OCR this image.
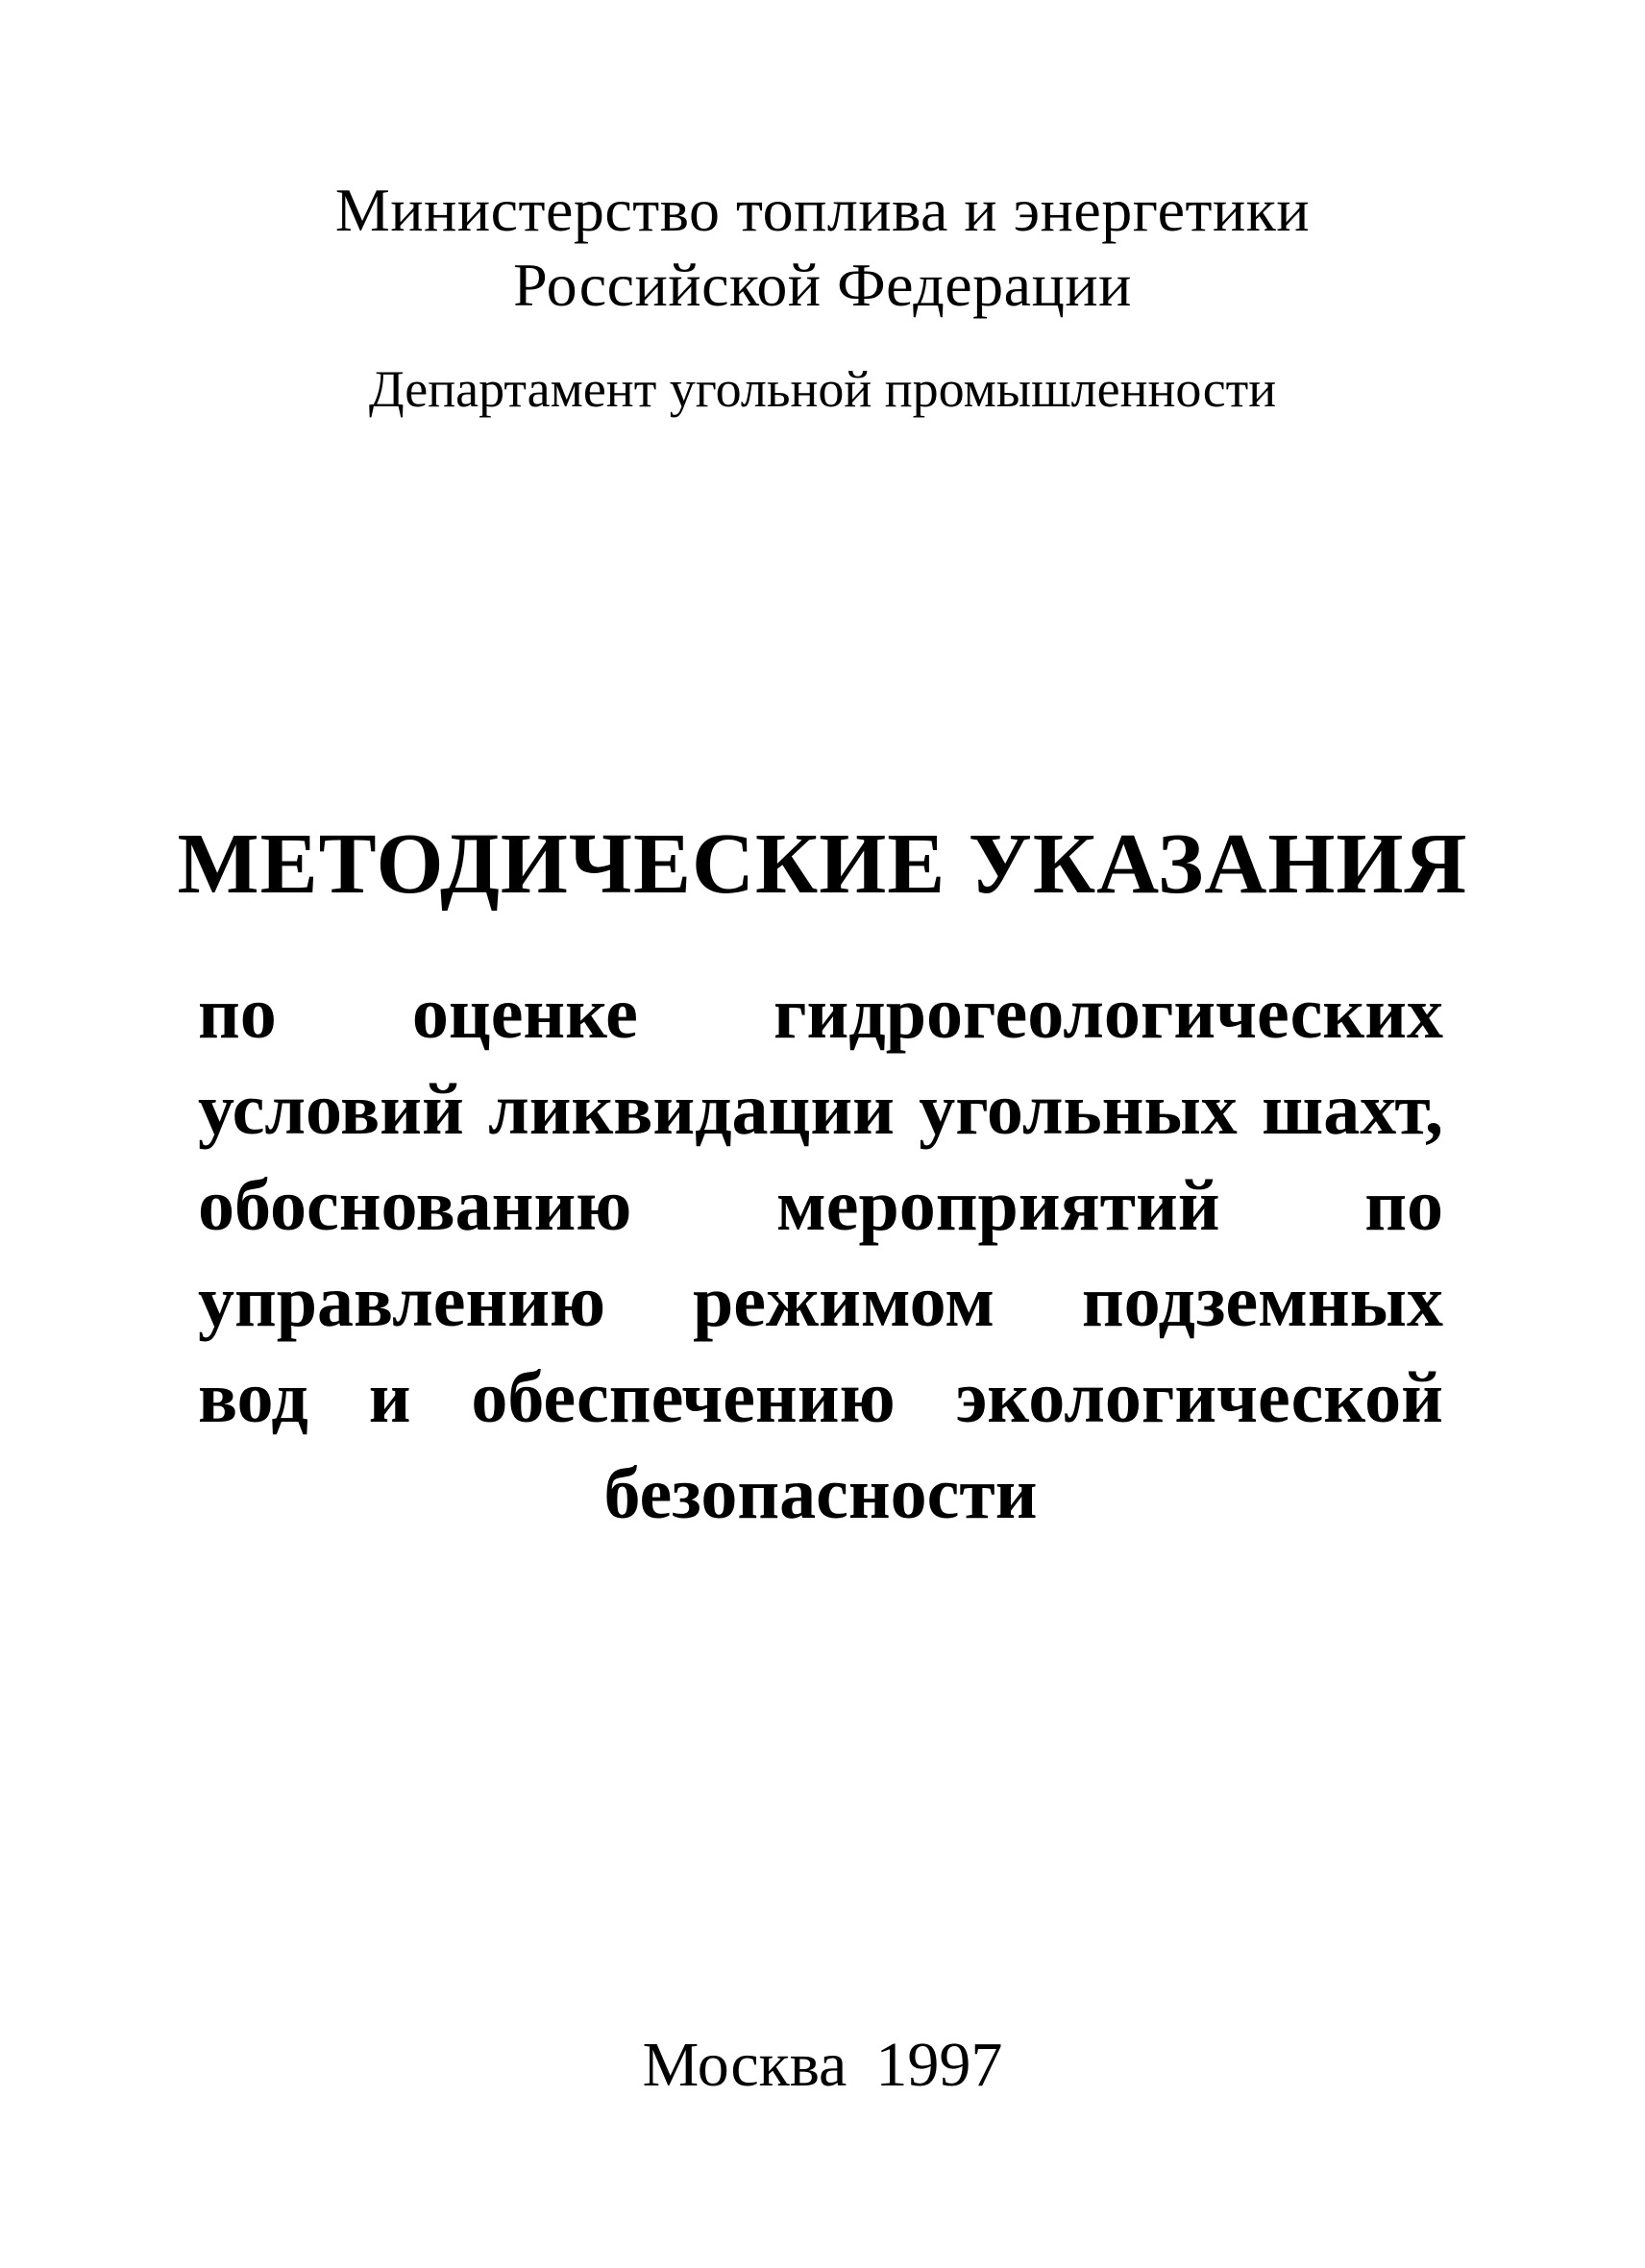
Министерство топлива и энергетики
Российской Федерации
Департамент угольной промышленности
МЕТОДИЧЕСКИЕ УКАЗАНИЯ
по оценке гидрогеологических
условий ликвидации угольных шахт,
обоснованию мероприятий по
управлению режимом подземных
вод и обеспечению экологической
безопасности
Москва 1997
